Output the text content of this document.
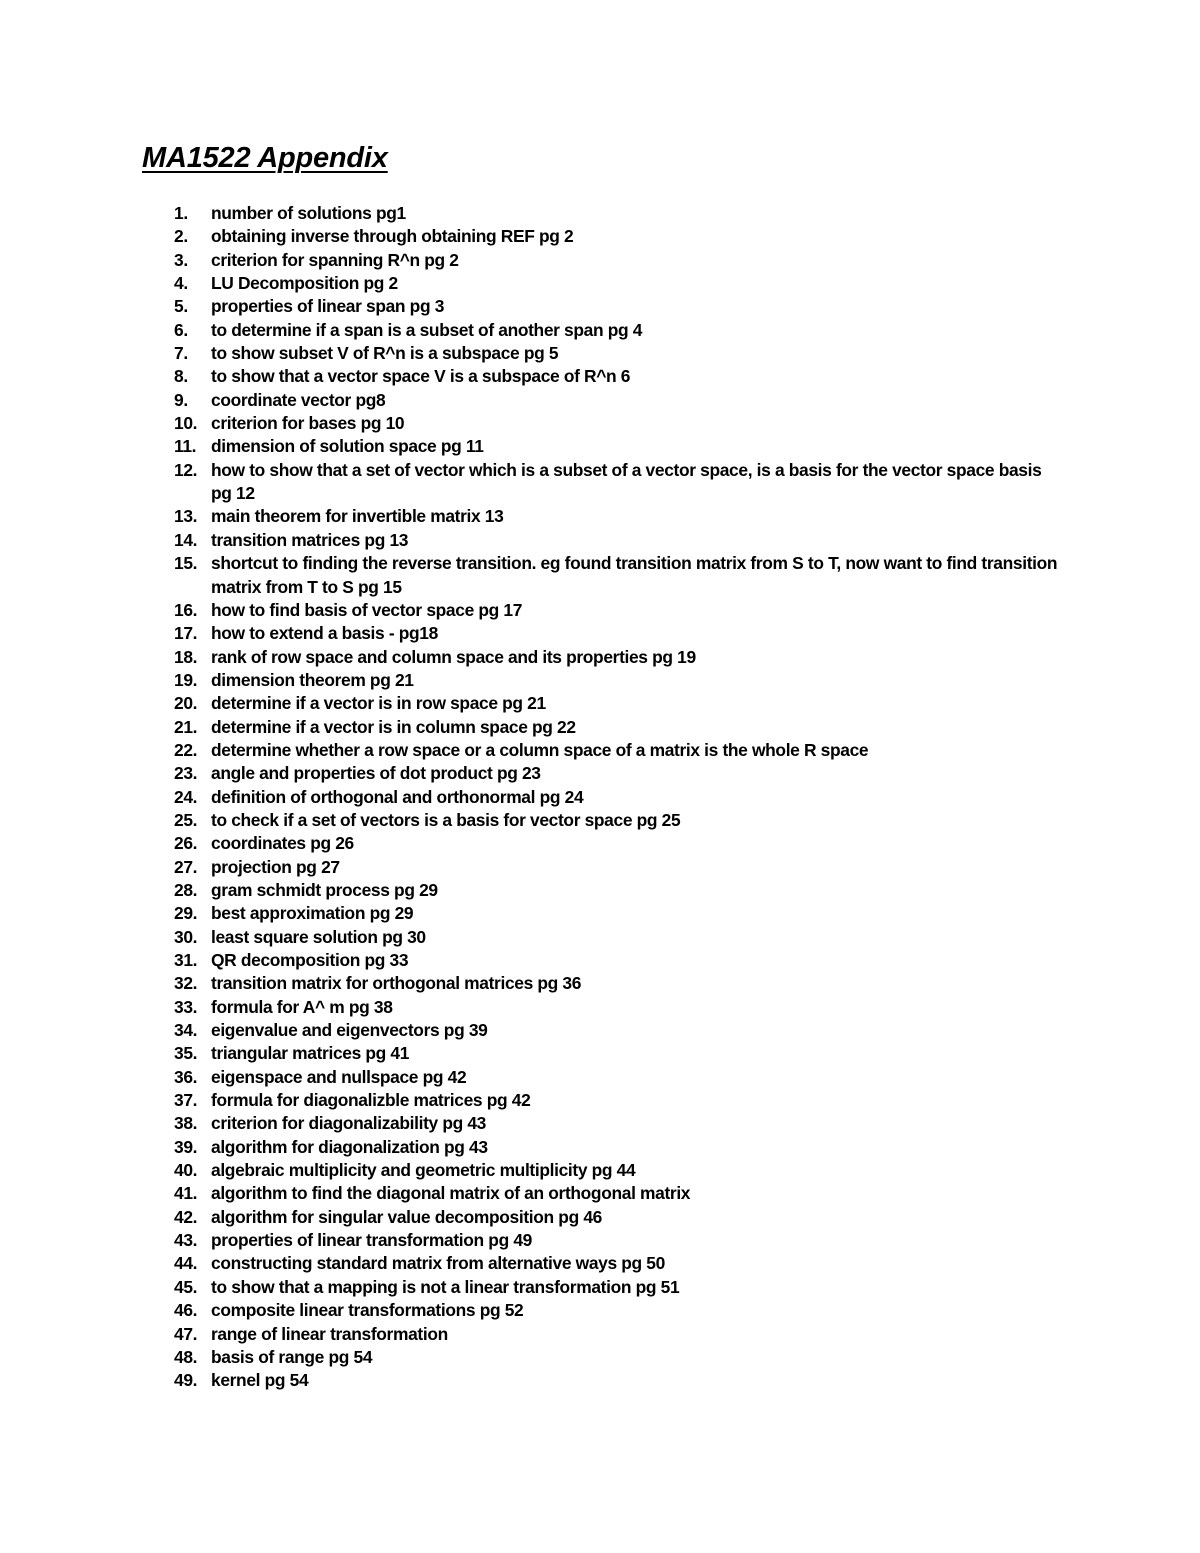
MA1522 Appendix
1.	number of solutions pg1
2.	obtaining inverse through obtaining REF pg 2
3.	criterion for spanning R^n pg 2
4.	LU Decomposition pg 2
5.	properties of linear span pg 3
6.	to determine if a span is a subset of another span pg 4
7.	to show subset V of R^n is a subspace pg 5
8.	to show that a vector space V is a subspace of R^n 6
9.	coordinate vector pg8
10. criterion for bases pg 10
11. dimension of solution space pg 11
12. how to show that a set of vector which is a subset of a vector space, is a basis for the vector space basis pg 12
13. main theorem for invertible matrix 13
14. transition matrices pg 13
15. shortcut to finding the reverse transition. eg found transition matrix from S to T, now want to find transition matrix from T to S pg 15
16. how to find basis of vector space pg 17
17. how to extend a basis - pg18
18. rank of row space and column space and its properties pg 19
19. dimension theorem pg 21
20. determine if a vector is in row space pg 21
21. determine if a vector is in column space pg 22
22. determine whether a row space or a column space of a matrix is the whole R space
23. angle and properties of dot product pg 23
24. definition of orthogonal and orthonormal pg 24
25. to check if a set of vectors is a basis for vector space pg 25
26. coordinates pg 26
27. projection pg 27
28. gram schmidt process pg 29
29. best approximation pg 29
30. least square solution pg 30
31. QR decomposition pg 33
32. transition matrix for orthogonal matrices pg 36
33. formula for A^ m pg 38
34. eigenvalue and eigenvectors pg 39
35. triangular matrices pg 41
36. eigenspace and nullspace pg 42
37. formula for diagonalizble matrices pg 42
38. criterion for diagonalizability pg 43
39. algorithm for diagonalization pg 43
40. algebraic multiplicity and geometric multiplicity pg 44
41. algorithm to find the diagonal matrix of an orthogonal matrix
42. algorithm for singular value decomposition pg 46
43. properties of linear transformation pg 49
44. constructing standard matrix from alternative ways pg 50
45. to show that a mapping is not a linear transformation pg 51
46. composite linear transformations pg 52
47. range of linear transformation
48. basis of range pg 54
49. kernel pg 54
